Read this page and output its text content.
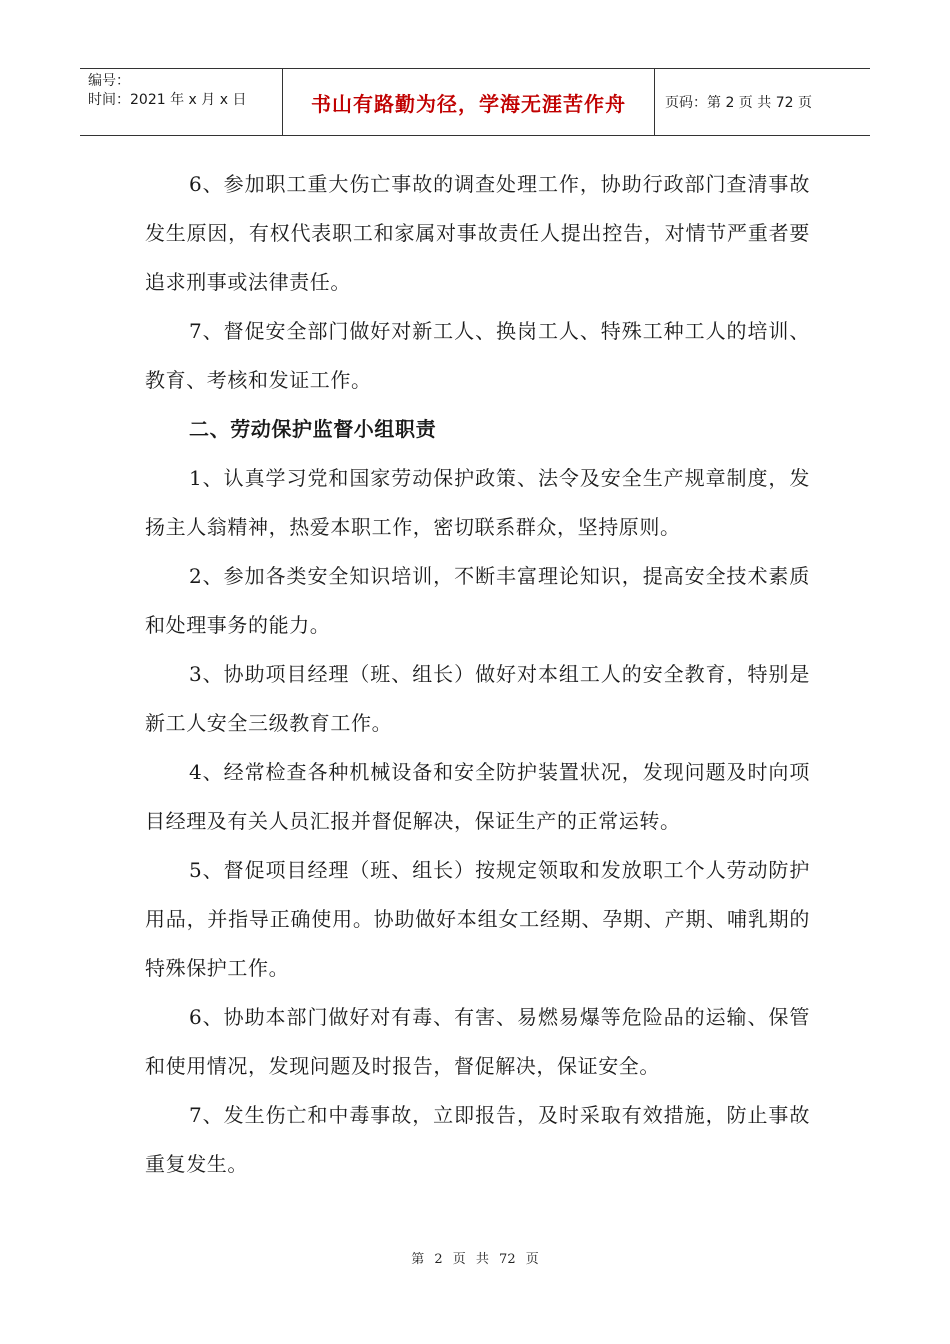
编号：
时间：2021 年 x 月 x 日	书山有路勤为径，学海无涯苦作舟	页码：第 2 页 共 72 页

6、参加职工重大伤亡事故的调查处理工作，协助行政部门查清事故发生原因，有权代表职工和家属对事故责任人提出控告，对情节严重者要追求刑事或法律责任。

7、督促安全部门做好对新工人、换岗工人、特殊工种工人的培训、教育、考核和发证工作。

二、劳动保护监督小组职责

1、认真学习党和国家劳动保护政策、法令及安全生产规章制度，发扬主人翁精神，热爱本职工作，密切联系群众，坚持原则。

2、参加各类安全知识培训，不断丰富理论知识，提高安全技术素质和处理事务的能力。

3、协助项目经理（班、组长）做好对本组工人的安全教育，特别是新工人安全三级教育工作。

4、经常检查各种机械设备和安全防护装置状况，发现问题及时向项目经理及有关人员汇报并督促解决，保证生产的正常运转。

5、督促项目经理（班、组长）按规定领取和发放职工个人劳动防护用品，并指导正确使用。协助做好本组女工经期、孕期、产期、哺乳期的特殊保护工作。

6、协助本部门做好对有毒、有害、易燃易爆等危险品的运输、保管和使用情况，发现问题及时报告，督促解决，保证安全。

7、发生伤亡和中毒事故，立即报告，及时采取有效措施，防止事故重复发生。

第 2 页 共 72 页
